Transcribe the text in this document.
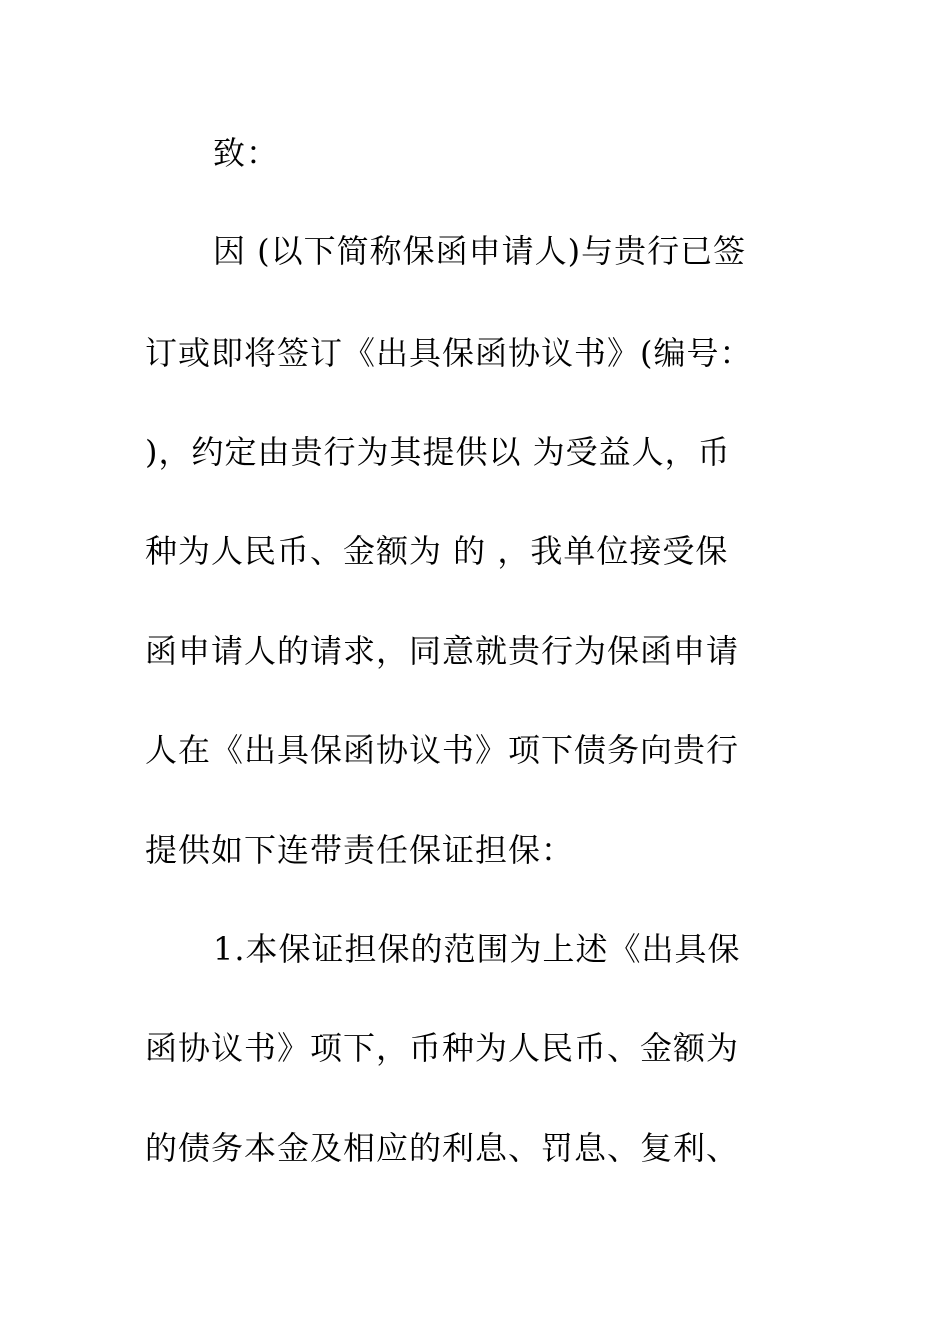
致：
因 (以下简称保函申请人)与贵行已签
订或即将签订《出具保函协议书》(编号：
)，约定由贵行为其提供以 为受益人，币
种为人民币、金额为 的 ，我单位接受保
函申请人的请求，同意就贵行为保函申请
人在《出具保函协议书》项下债务向贵行
提供如下连带责任保证担保：
1.本保证担保的范围为上述《出具保
函协议书》项下，币种为人民币、金额为
的债务本金及相应的利息、罚息、复利、
